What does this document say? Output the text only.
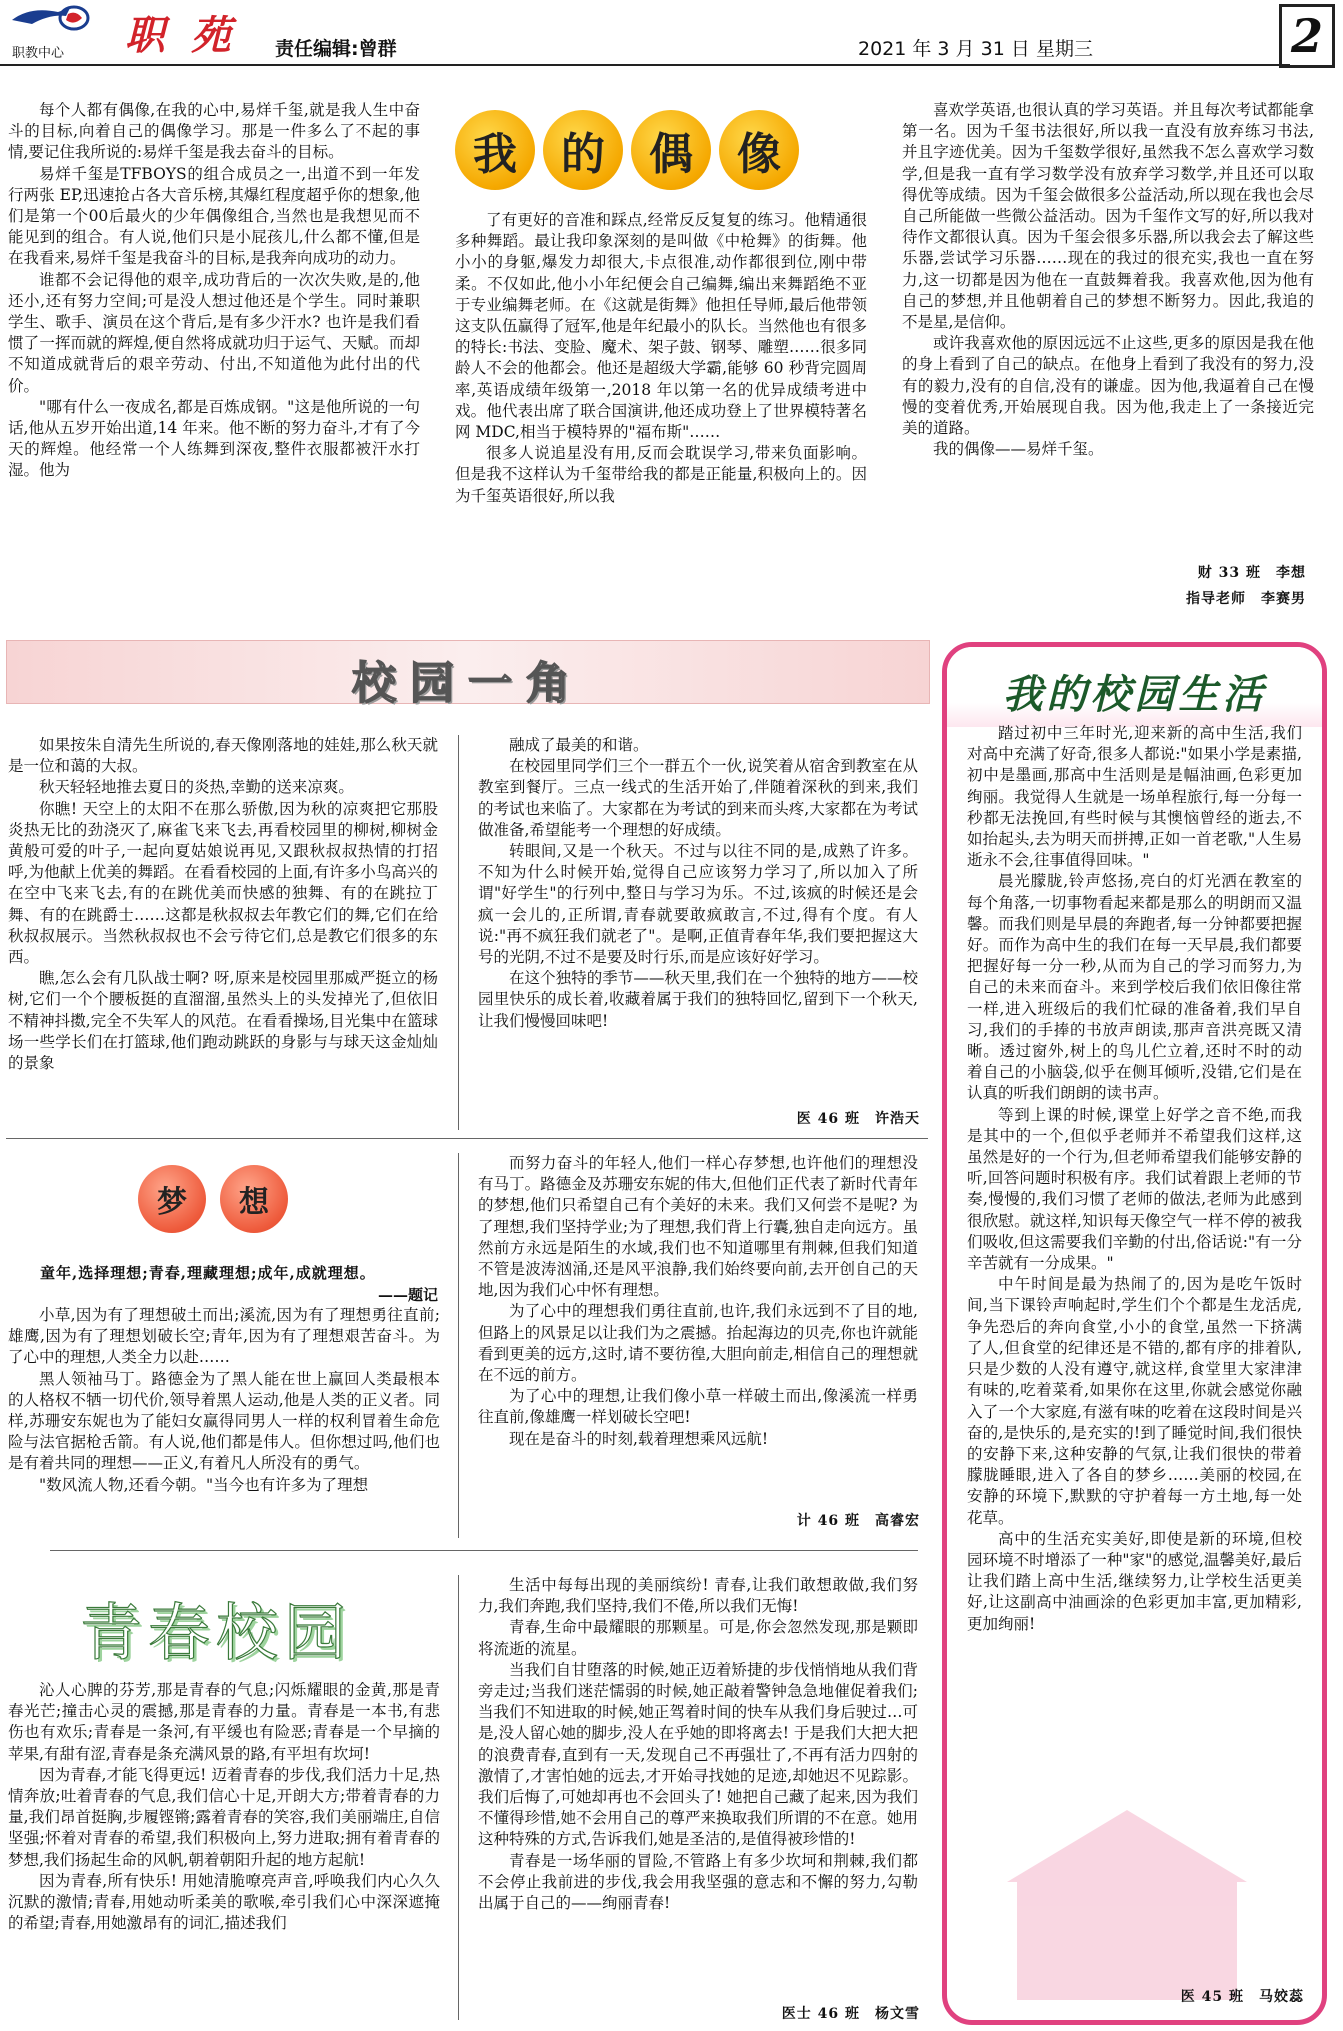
职教中心 职 苑 责任编辑:曾群	2021 年 3 月 31 日 星期三	2
我	的	偶	像

每个人都有偶像,在我的心中,易烊千玺,就是我人生中奋斗的目标,向着自己的偶像学习。那是一件多么了不起的事情,要记住我所说的:易烊千玺是我去奋斗的目标。

易烊千玺是TFBOYS的组合成员之一,出道不到一年发行两张 EP,迅速抢占各大音乐榜,其爆红程度超乎你的想象,他们是第一个00后最火的少年偶像组合,当然也是我想见而不能见到的组合。有人说,他们只是小屁孩儿,什么都不懂,但是在我看来,易烊千玺是我奋斗的目标,是我奔向成功的动力。

谁都不会记得他的艰辛,成功背后的一次次失败,是的,他还小,还有努力空间;可是没人想过他还是个学生。同时兼职学生、歌手、演员在这个背后,是有多少汗水? 也许是我们看惯了一挥而就的辉煌,便自然将成就功归于运气、天赋。而却不知道成就背后的艰辛劳动、付出,不知道他为此付出的代价。

"哪有什么一夜成名,都是百炼成钢。"这是他所说的一句话,他从五岁开始出道,14 年来。他不断的努力奋斗,才有了今天的辉煌。他经常一个人练舞到深夜,整件衣服都被汗水打湿。他为

了有更好的音准和踩点,经常反反复复的练习。他精通很多种舞蹈。最让我印象深刻的是叫做《中枪舞》的街舞。他小小的身躯,爆发力却很大,卡点很准,动作都很到位,刚中带柔。不仅如此,他小小年纪便会自己编舞,编出来舞蹈绝不亚于专业编舞老师。在《这就是街舞》他担任导师,最后他带领这支队伍赢得了冠军,他是年纪最小的队长。当然他也有很多的特长:书法、变脸、魔术、架子鼓、钢琴、雕塑……很多同龄人不会的他都会。他还是超级大学霸,能够 60 秒背完圆周率,英语成绩年级第一,2018 年以第一名的优异成绩考进中戏。他代表出席了联合国演讲,他还成功登上了世界模特著名网 MDC,相当于模特界的"福布斯"……

很多人说追星没有用,反而会耽误学习,带来负面影响。但是我不这样认为千玺带给我的都是正能量,积极向上的。因为千玺英语很好,所以我

喜欢学英语,也很认真的学习英语。并且每次考试都能拿第一名。因为千玺书法很好,所以我一直没有放弃练习书法,并且字迹优美。因为千玺数学很好,虽然我不怎么喜欢学习数学,但是我一直有学习数学没有放弃学习数学,并且还可以取得优等成绩。因为千玺会做很多公益活动,所以现在我也会尽自己所能做一些微公益活动。因为千玺作文写的好,所以我对待作文都很认真。因为千玺会很多乐器,所以我会去了解这些乐器,尝试学习乐器……现在的我过的很充实,我也一直在努力,这一切都是因为他在一直鼓舞着我。我喜欢他,因为他有自己的梦想,并且他朝着自己的梦想不断努力。因此,我追的不是星,是信仰。

或许我喜欢他的原因远远不止这些,更多的原因是我在他的身上看到了自己的缺点。在他身上看到了我没有的努力,没有的毅力,没有的自信,没有的谦虚。因为他,我逼着自己在慢慢的变着优秀,开始展现自我。因为他,我走上了一条接近完美的道路。

我的偶像——易烊千玺。

财 33 班　李想

指导老师　李赛男

校园一角

如果按朱自清先生所说的,春天像刚落地的娃娃,那么秋天就是一位和蔼的大叔。

秋天轻轻地推去夏日的炎热,幸勤的送来凉爽。

你瞧! 天空上的太阳不在那么骄傲,因为秋的凉爽把它那股炎热无比的劲浇灭了,麻雀飞来飞去,再看校园里的柳树,柳树金黄般可爱的叶子,一起向夏姑娘说再见,又跟秋叔叔热情的打招呼,为他献上优美的舞蹈。在看看校园的上面,有许多小鸟高兴的在空中飞来飞去,有的在跳优美而快感的独舞、有的在跳拉丁舞、有的在跳爵士……这都是秋叔叔去年教它们的舞,它们在给秋叔叔展示。当然秋叔叔也不会亏待它们,总是教它们很多的东西。

瞧,怎么会有几队战士啊? 呀,原来是校园里那威严挺立的杨树,它们一个个腰板挺的直溜溜,虽然头上的头发掉光了,但依旧不精神抖擞,完全不失军人的风范。在看看操场,目光集中在篮球场一些学长们在打篮球,他们跑动跳跃的身影与与球天这金灿灿的景象

融成了最美的和谐。

在校园里同学们三个一群五个一伙,说笑着从宿舍到教室在从教室到餐厅。三点一线式的生活开始了,伴随着深秋的到来,我们的考试也来临了。大家都在为考试的到来而头疼,大家都在为考试做准备,希望能考一个理想的好成绩。

转眼间,又是一个秋天。不过与以往不同的是,成熟了许多。不知为什么时候开始,觉得自己应该努力学习了,所以加入了所谓"好学生"的行列中,整日与学习为乐。不过,该疯的时候还是会疯一会儿的,正所谓,青春就要敢疯敢言,不过,得有个度。有人说:"再不疯狂我们就老了"。是啊,正值青春年华,我们要把握这大号的光阴,不过不是要及时行乐,而是应该好好学习。

在这个独特的季节——秋天里,我们在一个独特的地方——校园里快乐的成长着,收藏着属于我们的独特回忆,留到下一个秋天,让我们慢慢回味吧!

医 46 班　许浩天

梦	想
童年,选择理想;青春,理藏理想;成年,成就理想。
——题记

小草,因为有了理想破土而出;溪流,因为有了理想勇往直前;雄鹰,因为有了理想划破长空;青年,因为有了理想艰苦奋斗。为了心中的理想,人类全力以赴……

黑人领袖马丁。路德金为了黑人能在世上赢回人类最根本的人格权不牺一切代价,领导着黑人运动,他是人类的正义者。同样,苏珊安东妮也为了能妇女赢得同男人一样的权利冒着生命危险与法官据枪舌箭。有人说,他们都是伟人。但你想过吗,他们也是有着共同的理想——正义,有着凡人所没有的勇气。

"数风流人物,还看今朝。"当今也有许多为了理想

而努力奋斗的年轻人,他们一样心存梦想,也许他们的理想没有马丁。路德金及苏珊安东妮的伟大,但他们正代表了新时代青年的梦想,他们只希望自己有个美好的未来。我们又何尝不是呢? 为了理想,我们坚持学业;为了理想,我们背上行囊,独自走向远方。虽然前方永远是陌生的水域,我们也不知道哪里有荆棘,但我们知道不管是波涛汹涌,还是风平浪静,我们始终要向前,去开创自己的天地,因为我们心中怀有理想。

为了心中的理想我们勇往直前,也许,我们永远到不了目的地,但路上的风景足以让我们为之震撼。抬起海边的贝壳,你也许就能看到更美的远方,这时,请不要彷徨,大胆向前走,相信自己的理想就在不远的前方。

为了心中的理想,让我们像小草一样破土而出,像溪流一样勇往直前,像雄鹰一样划破长空吧!

现在是奋斗的时刻,载着理想乘风远航!

计 46 班　高睿宏

青春校园

沁人心脾的芬芳,那是青春的气息;闪烁耀眼的金黄,那是青春光芒;撞击心灵的震撼,那是青春的力量。青春是一本书,有悲伤也有欢乐;青春是一条河,有平缓也有险恶;青春是一个早摘的苹果,有甜有涩,青春是条充满风景的路,有平坦有坎坷!

因为青春,才能飞得更远! 迈着青春的步伐,我们活力十足,热情奔放;吐着青春的气息,我们信心十足,开朗大方;带着青春的力量,我们昂首挺胸,步履铿锵;露着青春的笑容,我们美丽端庄,自信坚强;怀着对青春的希望,我们积极向上,努力进取;拥有着青春的梦想,我们扬起生命的风帆,朝着朝阳升起的地方起航!

因为青春,所有快乐! 用她清脆嘹亮声音,呼唤我们内心久久沉默的激情;青春,用她动听柔美的歌喉,牵引我们心中深深遮掩的希望;青春,用她激昂有的词汇,描述我们

生活中每每出现的美丽缤纷! 青春,让我们敢想敢做,我们努力,我们奔跑,我们坚持,我们不倦,所以我们无悔!

青春,生命中最耀眼的那颗星。可是,你会忽然发现,那是颗即将流逝的流星。

当我们自甘堕落的时候,她正迈着矫捷的步伐悄悄地从我们背旁走过;当我们迷茫懦弱的时候,她正敲着警钟急急地催促着我们;当我们不知进取的时候,她正驾着时间的快车从我们身后驶过…可是,没人留心她的脚步,没人在乎她的即将离去! 于是我们大把大把的浪费青春,直到有一天,发现自己不再强壮了,不再有活力四射的激情了,才害怕她的远去,才开始寻找她的足迹,却她迟不见踪影。我们后悔了,可她却再也不会回头了! 她把自己藏了起来,因为我们不懂得珍惜,她不会用自己的尊严来换取我们所谓的不在意。她用这种特殊的方式,告诉我们,她是圣洁的,是值得被珍惜的!

青春是一场华丽的冒险,不管路上有多少坎坷和荆棘,我们都不会停止我前进的步伐,我会用我坚强的意志和不懈的努力,勾勒出属于自己的——绚丽青春!

医士 46 班　杨文雪

我的校园生活

踏过初中三年时光,迎来新的高中生活,我们对高中充满了好奇,很多人都说:"如果小学是素描,初中是墨画,那高中生活则是是幅油画,色彩更加绚丽。我觉得人生就是一场单程旅行,每一分每一秒都无法挽回,有些时候与其懊恼曾经的逝去,不如抬起头,去为明天而拼搏,正如一首老歌,"人生易逝永不会,往事值得回味。"

晨光朦胧,铃声悠扬,亮白的灯光洒在教室的每个角落,一切事物看起来都是那么的明朗而又温馨。而我们则是早晨的奔跑者,每一分钟都要把握好。而作为高中生的我们在每一天早晨,我们都要把握好每一分一秒,从而为自己的学习而努力,为自己的未来而奋斗。来到学校后我们依旧像往常一样,进入班级后的我们忙碌的准备着,我们早自习,我们的手捧的书放声朗读,那声音洪亮既又清晰。透过窗外,树上的鸟儿伫立着,还时不时的动着自己的小脑袋,似乎在侧耳倾听,没错,它们是在认真的听我们朗朗的读书声。

等到上课的时候,课堂上好学之音不绝,而我是其中的一个,但似乎老师并不希望我们这样,这虽然是好的一个行为,但老师希望我们能够安静的听,回答问题时积极有序。我们试着跟上老师的节奏,慢慢的,我们习惯了老师的做法,老师为此感到很欣慰。就这样,知识每天像空气一样不停的被我们吸收,但这需要我们辛勤的付出,俗话说:"有一分辛苦就有一分成果。"

中午时间是最为热闹了的,因为是吃午饭时间,当下课铃声响起时,学生们个个都是生龙活虎,争先恐后的奔向食堂,小小的食堂,虽然一下挤满了人,但食堂的纪律还是不错的,都有序的排着队,只是少数的人没有遵守,就这样,食堂里大家津津有味的,吃着菜肴,如果你在这里,你就会感觉你融入了一个大家庭,有滋有味的吃着在这段时间是兴奋的,是快乐的,是充实的!到了睡觉时间,我们很快的安静下来,这种安静的气氛,让我们很快的带着朦胧睡眼,进入了各自的梦乡……美丽的校园,在安静的环境下,默默的守护着每一方土地,每一处花草。

高中的生活充实美好,即使是新的环境,但校园环境不时增添了一种"家"的感觉,温馨美好,最后让我们踏上高中生活,继续努力,让学校生活更美好,让这副高中油画涂的色彩更加丰富,更加精彩,更加绚丽!

医 45 班　马姣蕊
